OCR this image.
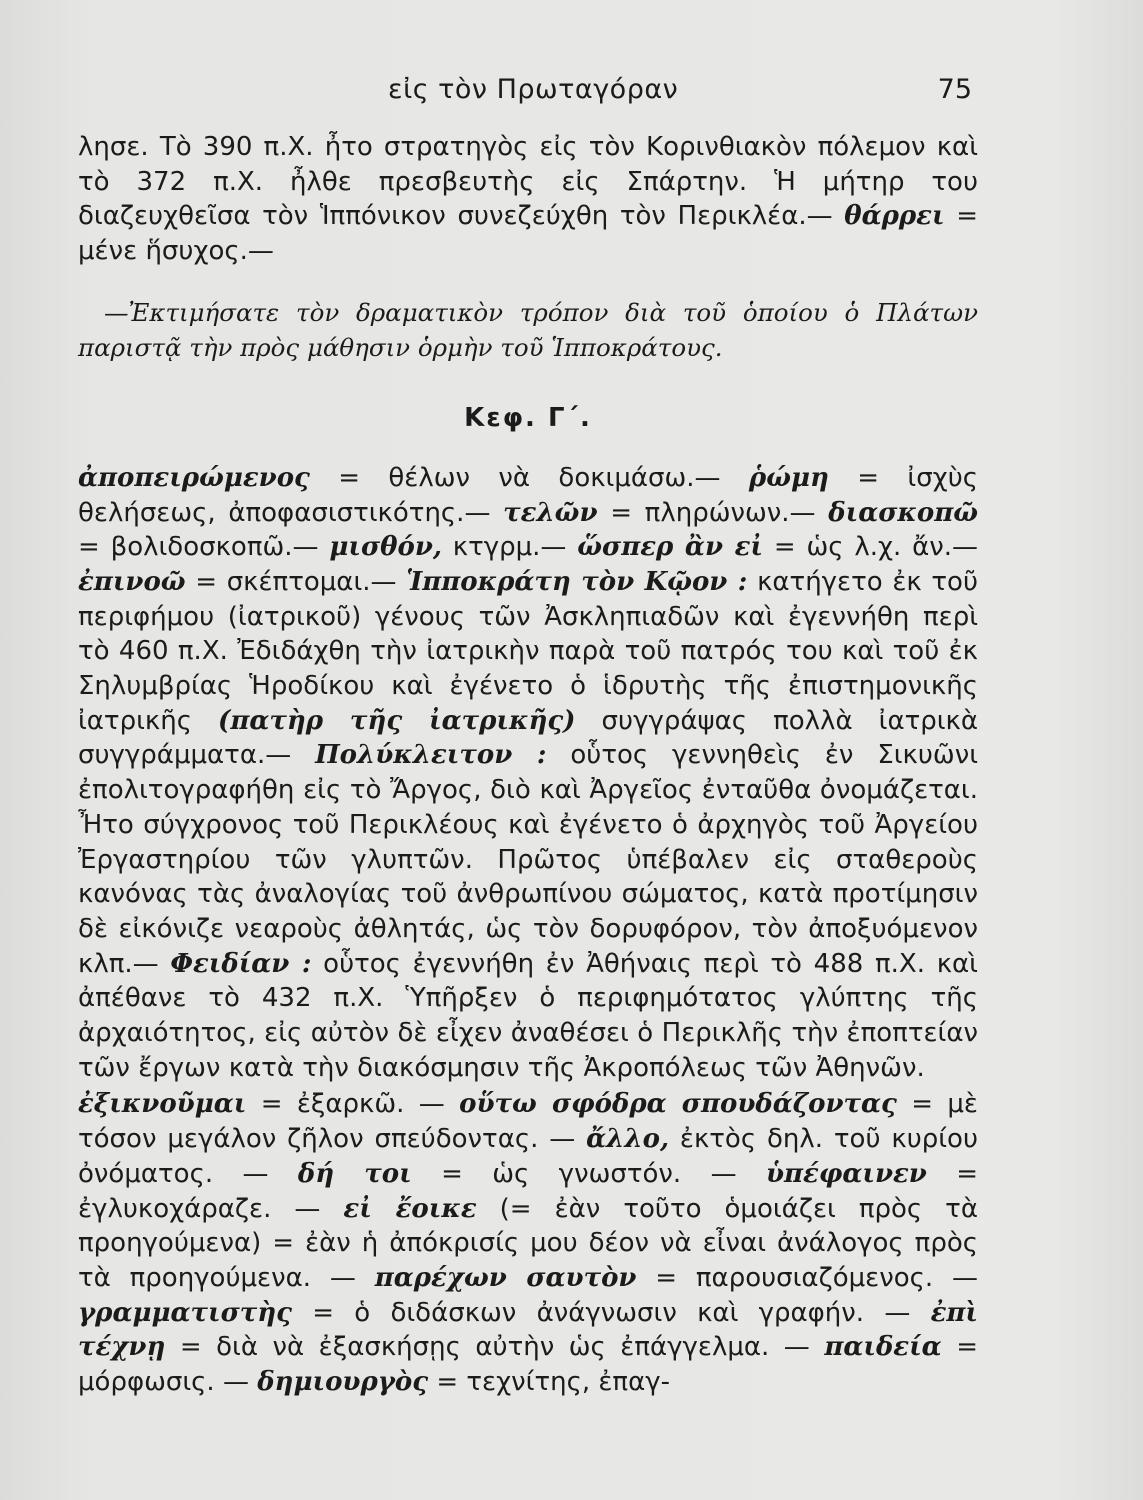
εἰς τὸν Πρωταγόραν	75

λησε. Τὸ 390 π.Χ. ἦτο στρατηγὸς εἰς τὸν Κορινθιακὸν πόλεμον καὶ τὸ 372 π.Χ. ἦλθε πρεσβευτὴς εἰς Σπάρτην. Ἡ μήτηρ του διαζευχθεῖσα τὸν Ἱππόνικον συνεζεύχθη τὸν Περικλέα.— θάρρει = μένε ἥσυχος.—

—Ἐκτιμήσατε τὸν δραματικὸν τρόπον διὰ τοῦ ὁποίου ὁ Πλάτων παριστᾷ τὴν πρὸς μάθησιν ὁρμὴν τοῦ Ἱπποκράτους.

Κεφ. Γ΄.

ἀποπειρώμενος = θέλων νὰ δοκιμάσω.— ῥώμη = ἰσχὺς θελήσεως, ἀποφασιστικότης.— τελῶν = πληρώνων.— διασκοπῶ = βολιδοσκοπῶ.— μισθόν, κτγρμ.— ὥσπερ ἂν εἰ = ὡς λ.χ. ἄν.— ἐπινοῶ = σκέπτομαι.— Ἱπποκράτη τὸν Κῷον : κατήγετο ἐκ τοῦ περιφήμου (ἰατρικοῦ) γένους τῶν Ἀσκληπιαδῶν καὶ ἐγεννήθη περὶ τὸ 460 π.Χ. Ἐδιδάχθη τὴν ἰατρικὴν παρὰ τοῦ πατρός του καὶ τοῦ ἐκ Σηλυμβρίας Ἡροδίκου καὶ ἐγένετο ὁ ἱδρυτὴς τῆς ἐπιστημονικῆς ἰατρικῆς (πατὴρ τῆς ἰατρικῆς) συγγράψας πολλὰ ἰατρικὰ συγγράμματα.— Πολύκλειτον : οὗτος γεννηθεὶς ἐν Σικυῶνι ἐπολιτογραφήθη εἰς τὸ Ἄργος, διὸ καὶ Ἀργεῖος ἐνταῦθα ὀνομάζεται. Ἦτο σύγχρονος τοῦ Περικλέους καὶ ἐγένετο ὁ ἀρχηγὸς τοῦ Ἀργείου Ἐργαστηρίου τῶν γλυπτῶν. Πρῶτος ὑπέβαλεν εἰς σταθεροὺς κανόνας τὰς ἀναλογίας τοῦ ἀνθρωπίνου σώματος, κατὰ προτίμησιν δὲ εἰκόνιζε νεαροὺς ἀθλητάς, ὡς τὸν δορυφόρον, τὸν ἀποξυόμενον κλπ.— Φειδίαν : οὗτος ἐγεννήθη ἐν Ἀθήναις περὶ τὸ 488 π.Χ. καὶ ἀπέθανε τὸ 432 π.Χ. Ὑπῆρξεν ὁ περιφημότατος γλύπτης τῆς ἀρχαιότητος, εἰς αὐτὸν δὲ εἶχεν ἀναθέσει ὁ Περικλῆς τὴν ἐποπτείαν τῶν ἔργων κατὰ τὴν διακόσμησιν τῆς Ἀκροπόλεως τῶν Ἀθηνῶν.

ἐξικνοῦμαι = ἐξαρκῶ. — οὕτω σφόδρα σπουδάζοντας = μὲ τόσον μεγάλον ζῆλον σπεύδοντας. — ἄλλο, ἐκτὸς δηλ. τοῦ κυρίου ὀνόματος. — δή τοι = ὡς γνωστόν. — ὑπέφαινεν = ἐγλυκοχάραζε. — εἰ ἔοικε (= ἐὰν τοῦτο ὁμοιάζει πρὸς τὰ προηγούμενα) = ἐὰν ἡ ἀπόκρισίς μου δέον νὰ εἶναι ἀνάλογος πρὸς τὰ προηγούμενα. — παρέχων σαυτὸν = παρουσιαζόμενος. — γραμματιστὴς = ὁ διδάσκων ἀνάγνωσιν καὶ γραφήν. — ἐπὶ τέχνῃ = διὰ νὰ ἐξασκήσῃς αὐτὴν ὡς ἐπάγγελμα. — παιδεία = μόρφωσις. — δημιουργὸς = τεχνίτης, ἐπαγ-
